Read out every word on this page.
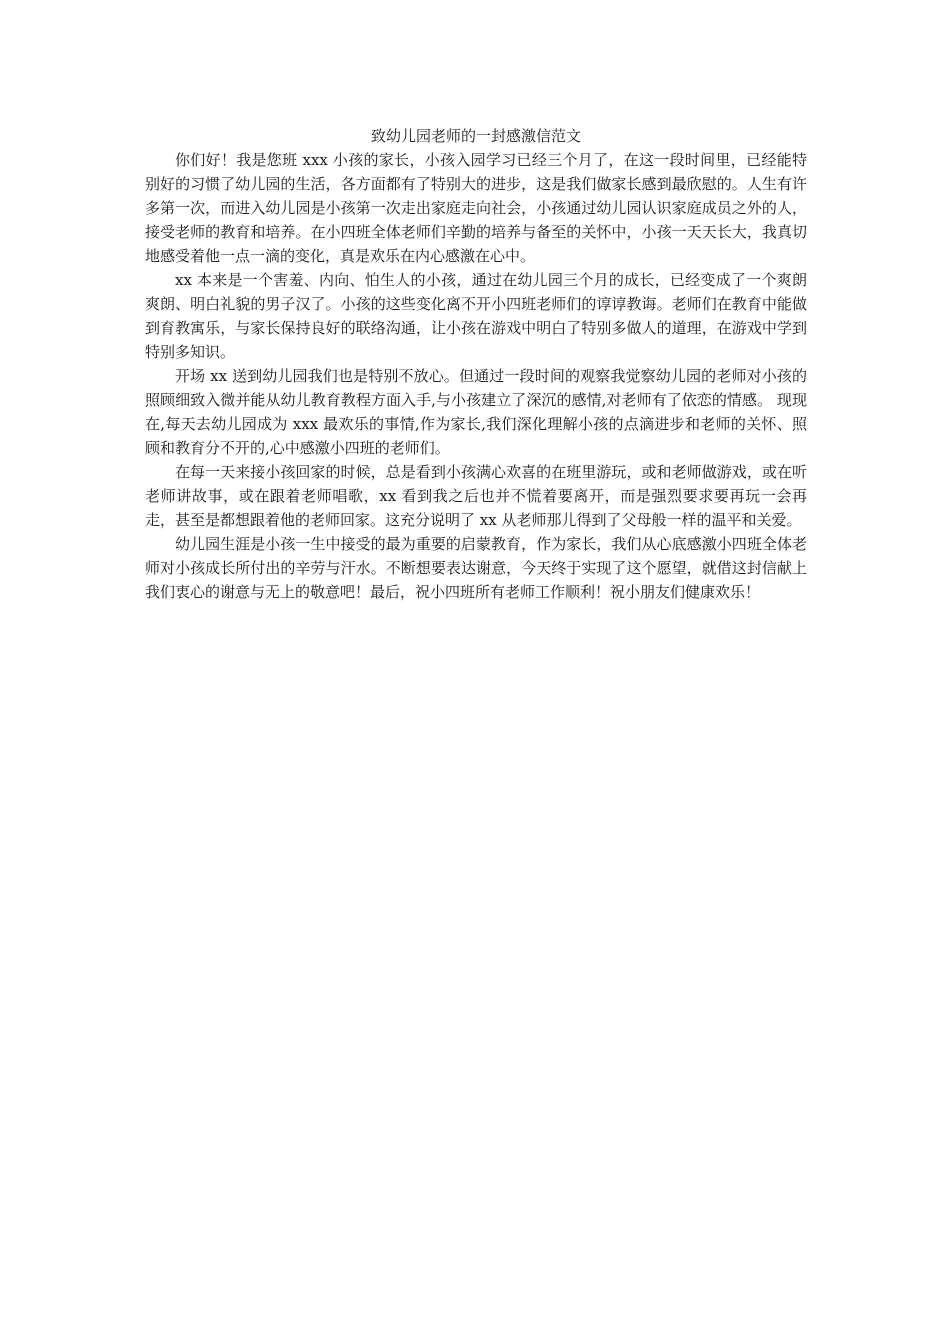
致幼儿园老师的一封感激信范文

你们好！我是您班 xxx 小孩的家长，小孩入园学习已经三个月了，在这一段时间里，已经能特别好的习惯了幼儿园的生活，各方面都有了特别大的进步，这是我们做家长感到最欣慰的。人生有许多第一次，而进入幼儿园是小孩第一次走出家庭走向社会，小孩通过幼儿园认识家庭成员之外的人，接受老师的教育和培养。在小四班全体老师们辛勤的培养与备至的关怀中，小孩一天天长大，我真切地感受着他一点一滴的变化，真是欢乐在内心感激在心中。

xx 本来是一个害羞、内向、怕生人的小孩，通过在幼儿园三个月的成长，已经变成了一个爽朗爽朗、明白礼貌的男子汉了。小孩的这些变化离不开小四班老师们的谆谆教诲。老师们在教育中能做到育教寓乐，与家长保持良好的联络沟通，让小孩在游戏中明白了特别多做人的道理，在游戏中学到特别多知识。

开场 xx 送到幼儿园我们也是特别不放心。但通过一段时间的观察我觉察幼儿园的老师对小孩的照顾细致入微并能从幼儿教育教程方面入手,与小孩建立了深沉的感情,对老师有了依恋的情感。 现现在,每天去幼儿园成为 xxx 最欢乐的事情,作为家长,我们深化理解小孩的点滴进步和老师的关怀、照顾和教育分不开的,心中感激小四班的老师们。

在每一天来接小孩回家的时候，总是看到小孩满心欢喜的在班里游玩，或和老师做游戏，或在听老师讲故事，或在跟着老师唱歌，xx 看到我之后也并不慌着要离开，而是强烈要求要再玩一会再走，甚至是都想跟着他的老师回家。这充分说明了 xx 从老师那儿得到了父母般一样的温平和关爱。

幼儿园生涯是小孩一生中接受的最为重要的启蒙教育，作为家长，我们从心底感激小四班全体老师对小孩成长所付出的辛劳与汗水。不断想要表达谢意，今天终于实现了这个愿望，就借这封信献上我们衷心的谢意与无上的敬意吧！最后，祝小四班所有老师工作顺利！祝小朋友们健康欢乐！
